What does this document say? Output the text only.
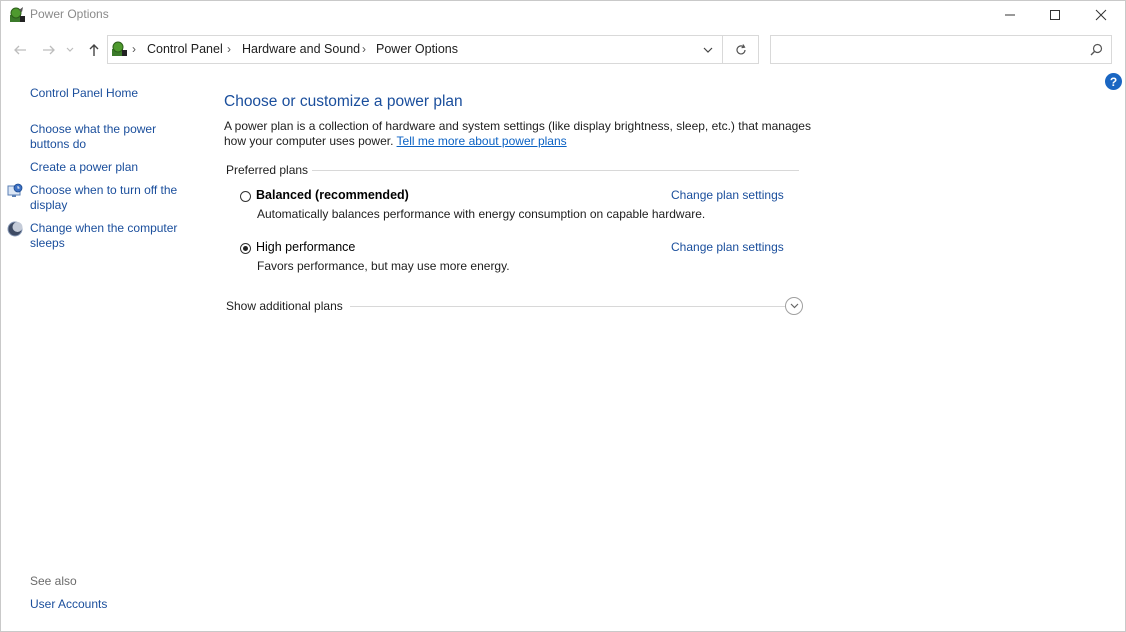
Power Options
› Control Panel › Hardware and Sound › Power Options
?
Control Panel Home
Choose what the power
buttons do
Create a power plan
Choose when to turn off the
display
Change when the computer
sleeps
See also
User Accounts
Choose or customize a power plan
A power plan is a collection of hardware and system settings (like display brightness, sleep, etc.) that manages
how your computer uses power. Tell me more about power plans
Preferred plans
Balanced (recommended)	Change plan settings
Automatically balances performance with energy consumption on capable hardware.
High performance	Change plan settings
Favors performance, but may use more energy.
Show additional plans
